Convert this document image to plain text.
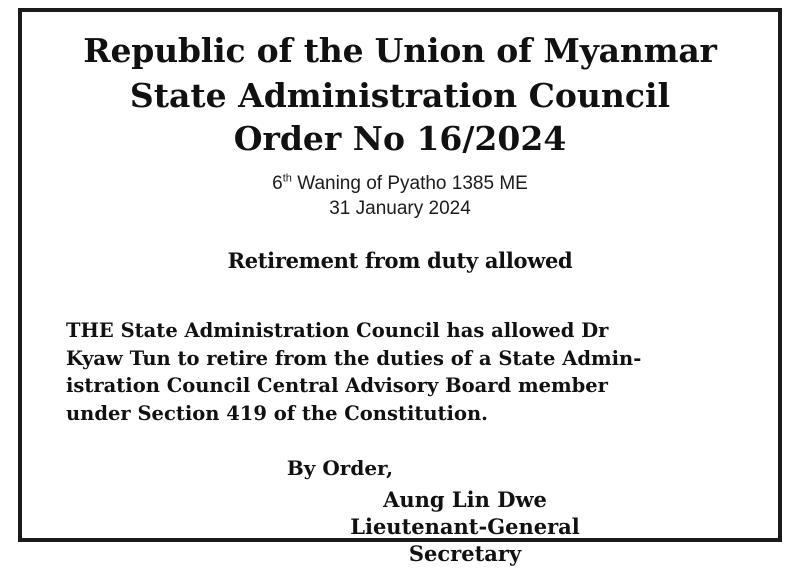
Republic of the Union of Myanmar
State Administration Council
Order No 16/2024
6th Waning of Pyatho 1385 ME
31 January 2024
Retirement from duty allowed
THE State Administration Council has allowed Dr
Kyaw Tun to retire from the duties of a State Admin-
istration Council Central Advisory Board member
under Section 419 of the Constitution.
By Order,
Aung Lin Dwe
Lieutenant-General
Secretary
